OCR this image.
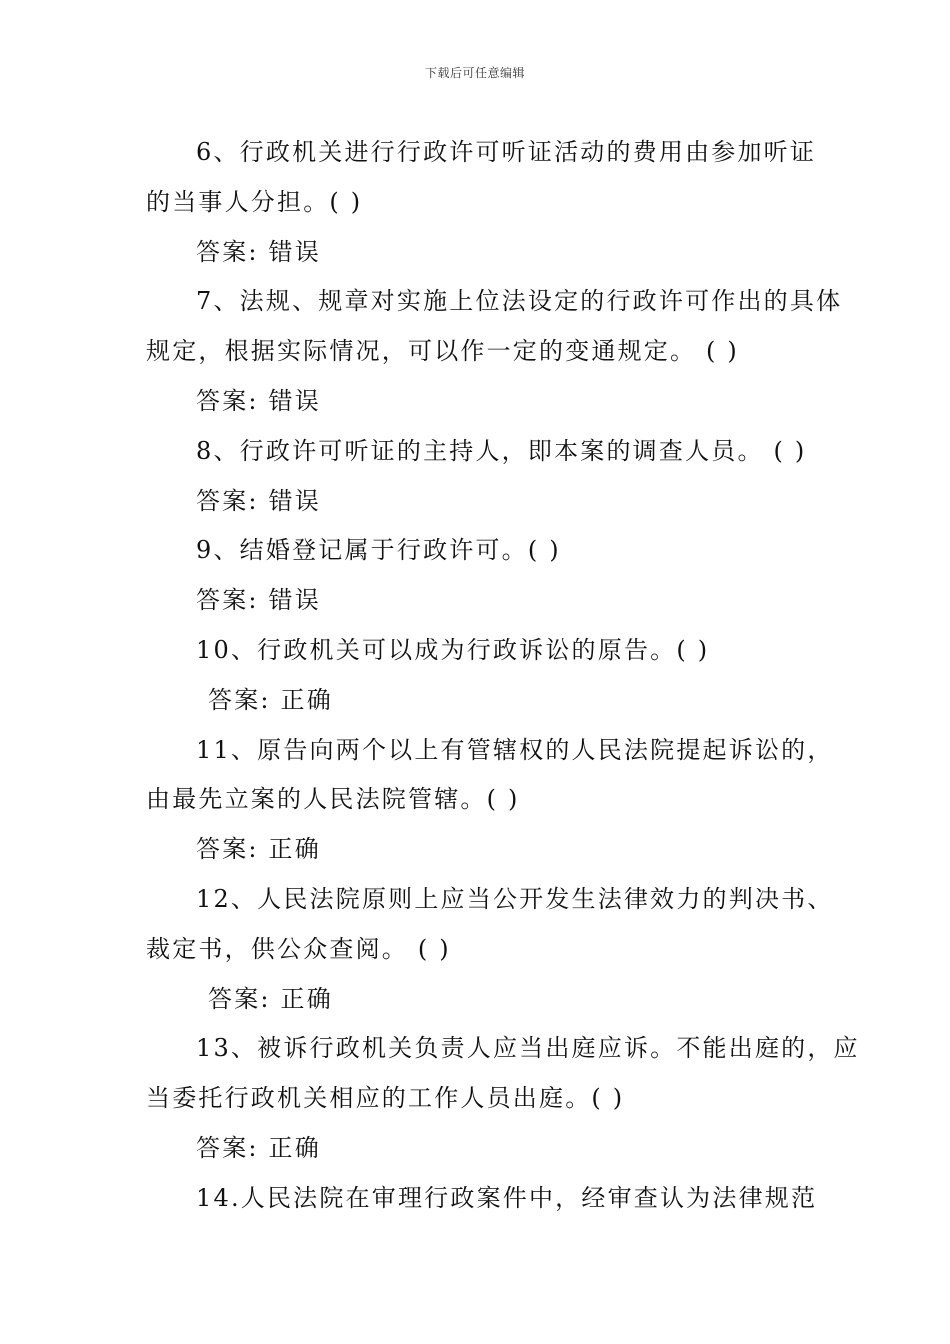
下载后可任意编辑
6、行政机关进行行政许可听证活动的费用由参加听证
的当事人分担。( )
答案: 错误
7、法规、规章对实施上位法设定的行政许可作出的具体
规定，根据实际情况，可以作一定的变通规定。 ( )
答案: 错误
8、行政许可听证的主持人，即本案的调查人员。 ( )
答案: 错误
9、结婚登记属于行政许可。( )
答案: 错误
10、行政机关可以成为行政诉讼的原告。( )
答案: 正确
11、原告向两个以上有管辖权的人民法院提起诉讼的，
由最先立案的人民法院管辖。( )
答案: 正确
12、人民法院原则上应当公开发生法律效力的判决书、
裁定书，供公众查阅。 ( )
答案: 正确
13、被诉行政机关负责人应当出庭应诉。不能出庭的，应
当委托行政机关相应的工作人员出庭。( )
答案: 正确
14.人民法院在审理行政案件中，经审查认为法律规范
